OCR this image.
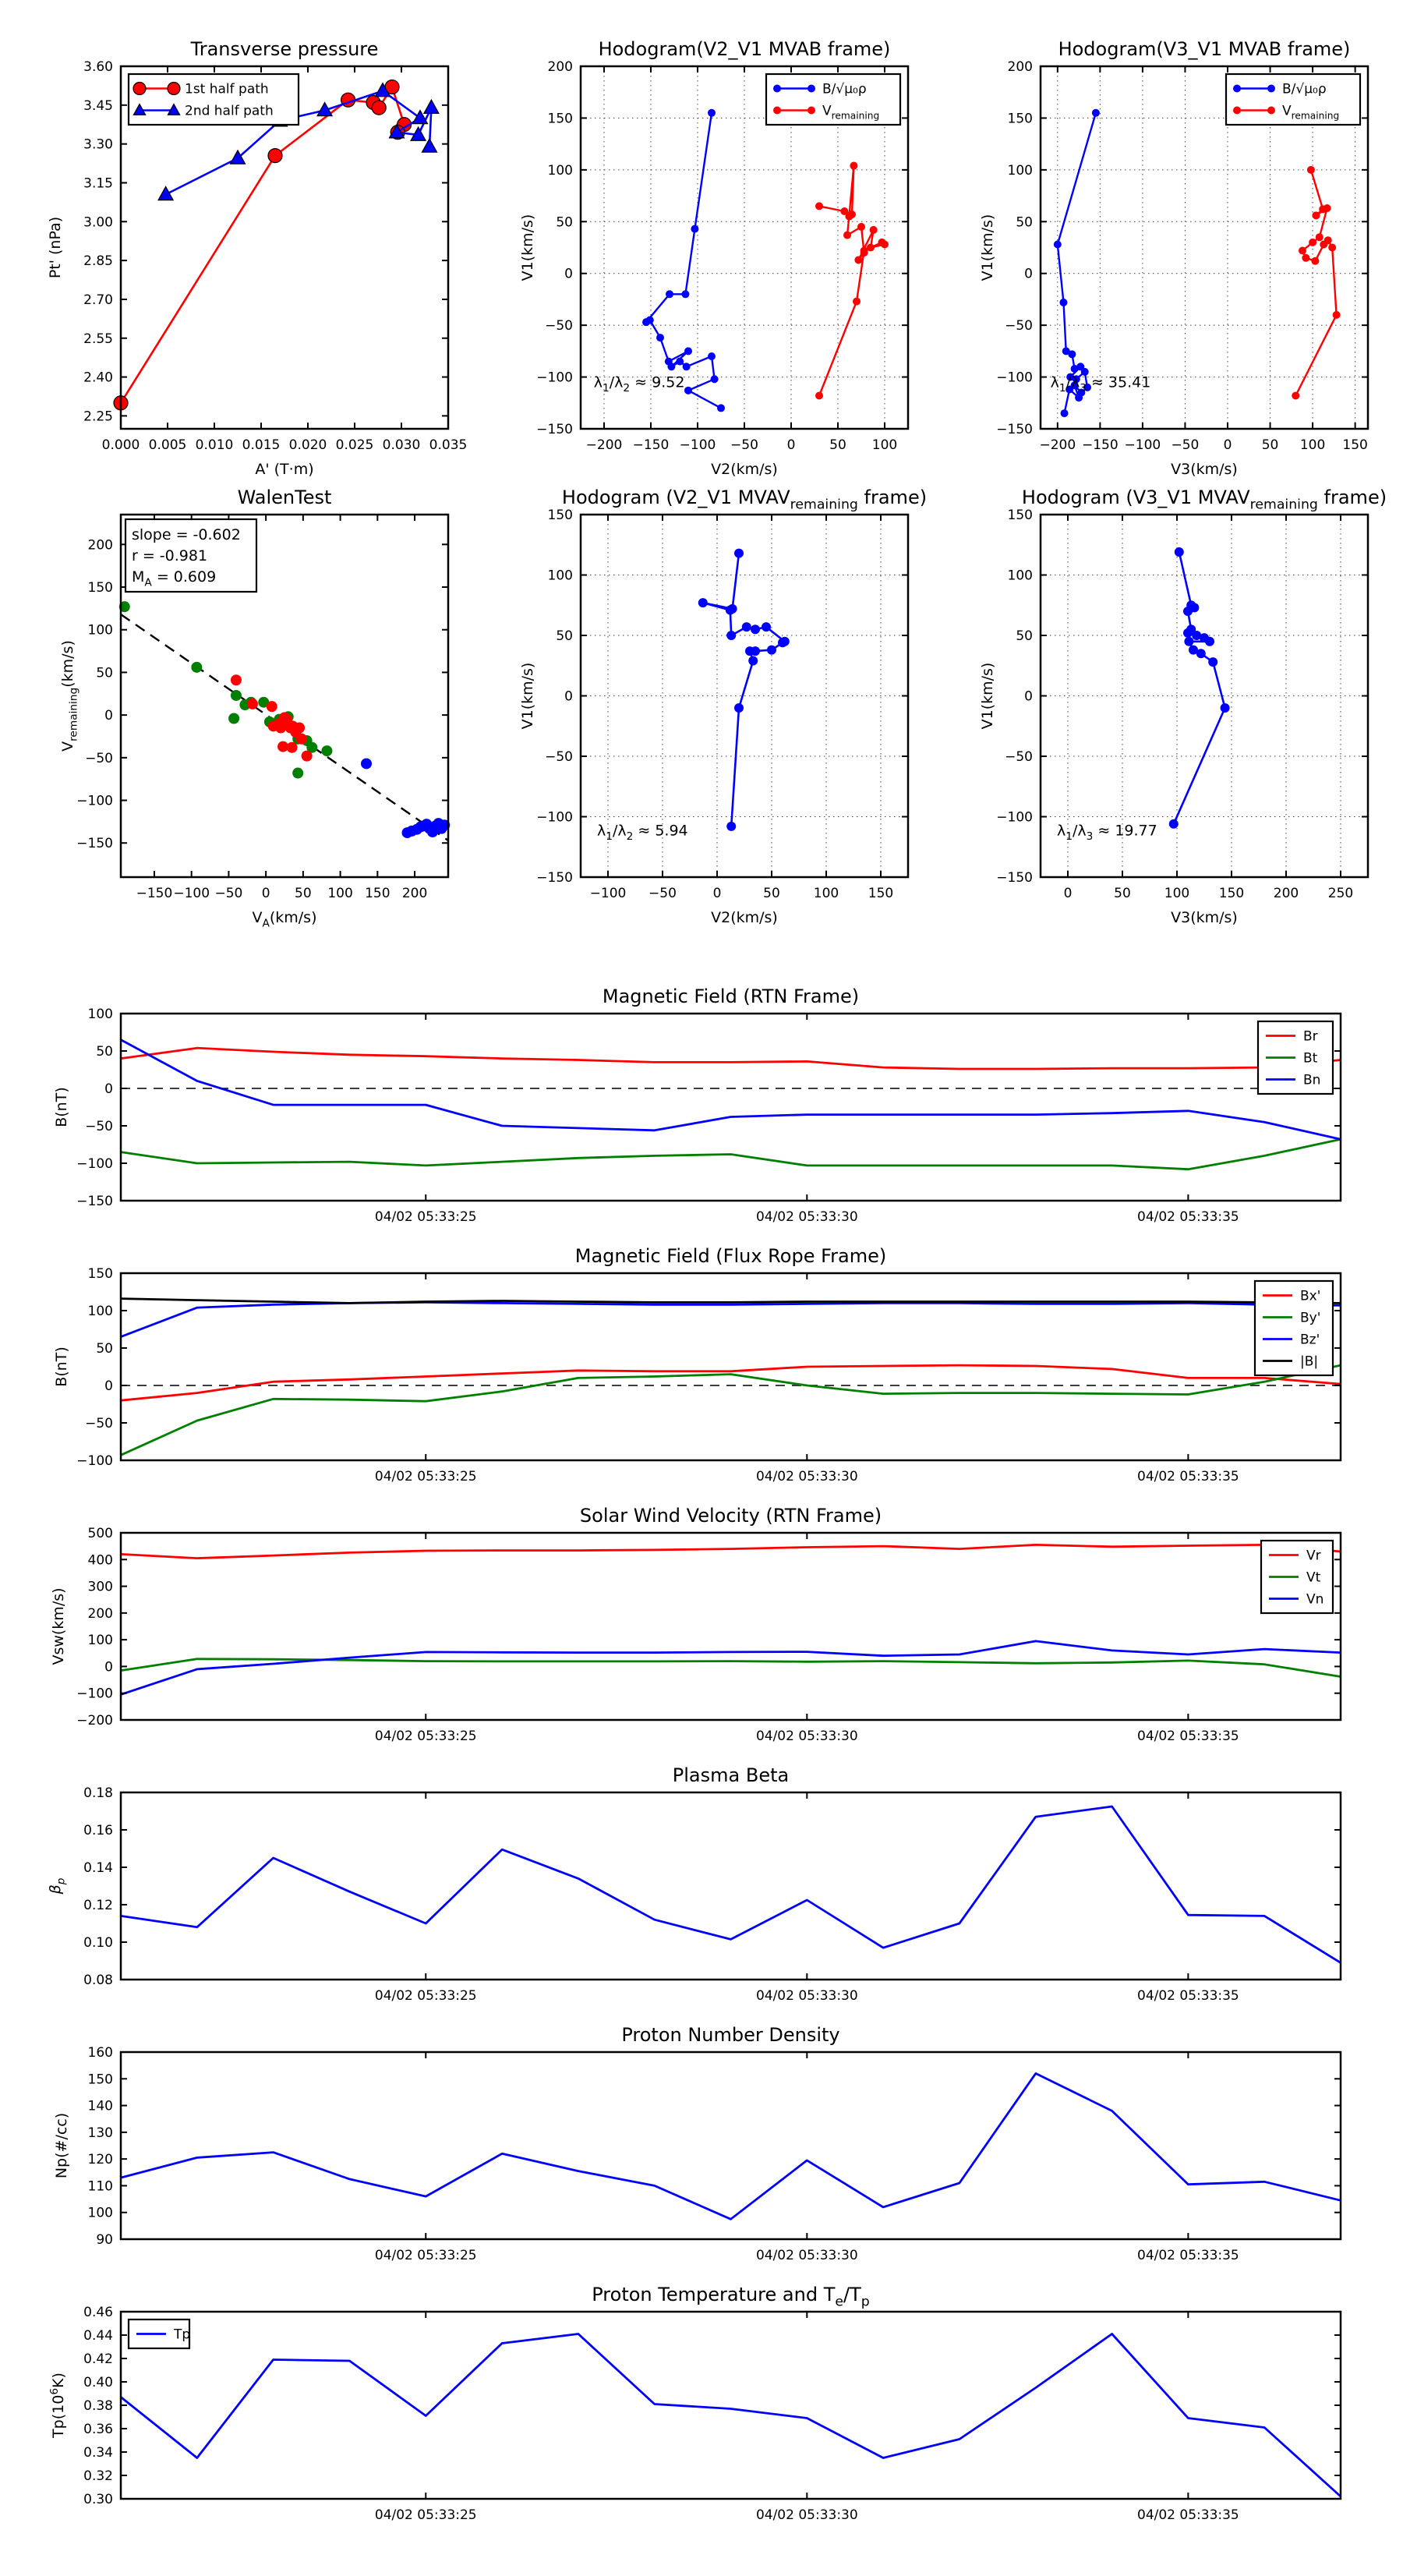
0.000 0.005 0.010 0.015 0.020 0.025 0.030 0.035
2.25
2.40
2.55
2.70
2.85
3.00
3.15
3.30
3.45
3.60
Transverse pressure
A' (T·m)
Pt' (nPa)
1st half path
2nd half path
−200 −150 −100 −50 0	50 100
−150
−100
−50
0
50
100
150
200
Hodogram(V2_V1 MVAB frame)
V2(km/s)
V1(km/s)
$\lambda_1/\lambda_2 \approx 9.52$
B/√μ₀ρ
$V_{remaining}$
−200 −150 −100 −50 0 50 100 150
−150
−100
−50
0
50
100
150
200
Hodogram(V3_V1 MVAB frame)
V3(km/s)
V1(km/s)
$\lambda_1/\lambda_3 \approx 35.41$
B/√μ₀ρ
$V_{remaining}$
−150 −100 −50 0 50 100 150 200
−150
−100
−50
0
50
100
150
200
WalenTest
$V_A(km/s)$
$V_{remaining}(km/s)$
slope = -0.602
r = -0.981
$M_A = 0.609$
−100 −50	0	50	100 150
−150
−100
−50
0
50
100
150
Hodogram (V2_V1 $MVAV_{remaining}$ frame)
V2(km/s)
V1(km/s)
$\lambda_1/\lambda_2 \approx 5.94$
0	50	100 150 200 250
−150
−100
−50
0
50
100
150
Hodogram (V3_V1 $MVAV_{remaining}$ frame)
V3(km/s)
V1(km/s)
$\lambda_1/\lambda_3 \approx 19.77$
04/02 05:33:25	04/02 05:33:30	04/02 05:33:35
−150
−100
−50
0
50
100
Magnetic Field (RTN Frame)
B(nT)
Br
Bt
Bn
04/02 05:33:25	04/02 05:33:30	04/02 05:33:35
−100
−50
0
50
100
150
Magnetic Field (Flux Rope Frame)
B(nT)
Bx'
By'
Bz'
|B|
04/02 05:33:25	04/02 05:33:30	04/02 05:33:35
−200
−100
0
100
200
300
400
500
Solar Wind Velocity (RTN Frame)
Vsw(km/s)
Vr
Vt
Vn
04/02 05:33:25	04/02 05:33:30	04/02 05:33:35
0.08
0.10
0.12
0.14
0.16
0.18
Plasma Beta
$\beta_p$
04/02 05:33:25	04/02 05:33:30	04/02 05:33:35
90
100
110
120
130
140
150
160
Proton Number Density
Np(#/cc)
04/02 05:33:25	04/02 05:33:30	04/02 05:33:35
0.30
0.32
0.34
0.36
0.38
0.40
0.42
0.44
0.46
Proton Temperature and $T_e/T_p$
$Tp(10^6K)$
Tp
